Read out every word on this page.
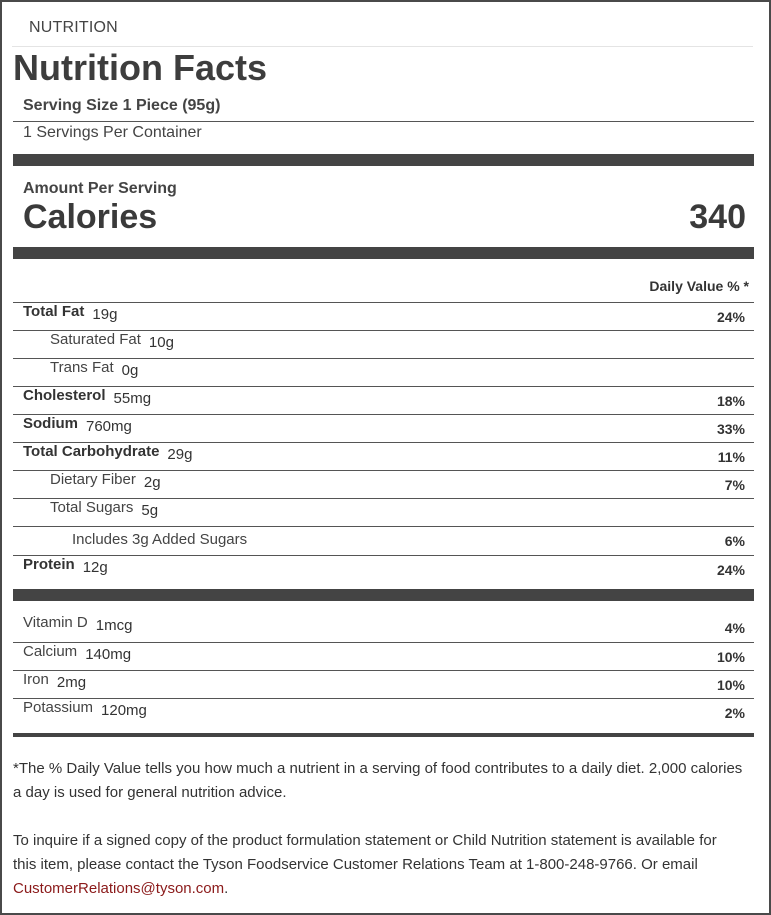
NUTRITION
Nutrition Facts
Serving Size 1 Piece (95g)
1 Servings Per Container
Amount Per Serving
Calories	340
Daily Value % *
Total Fat 19g	24%
Saturated Fat 10g
Trans Fat 0g
Cholesterol 55mg	18%
Sodium 760mg	33%
Total Carbohydrate 29g	11%
Dietary Fiber 2g	7%
Total Sugars 5g
Includes 3g Added Sugars	6%
Protein 12g	24%
Vitamin D 1mcg	4%
Calcium 140mg	10%
Iron 2mg	10%
Potassium 120mg	2%
*The % Daily Value tells you how much a nutrient in a serving of food contributes to a daily diet. 2,000 calories a day is used for general nutrition advice.
To inquire if a signed copy of the product formulation statement or Child Nutrition statement is available for this item, please contact the Tyson Foodservice Customer Relations Team at 1-800-248-9766. Or email CustomerRelations@tyson.com.
